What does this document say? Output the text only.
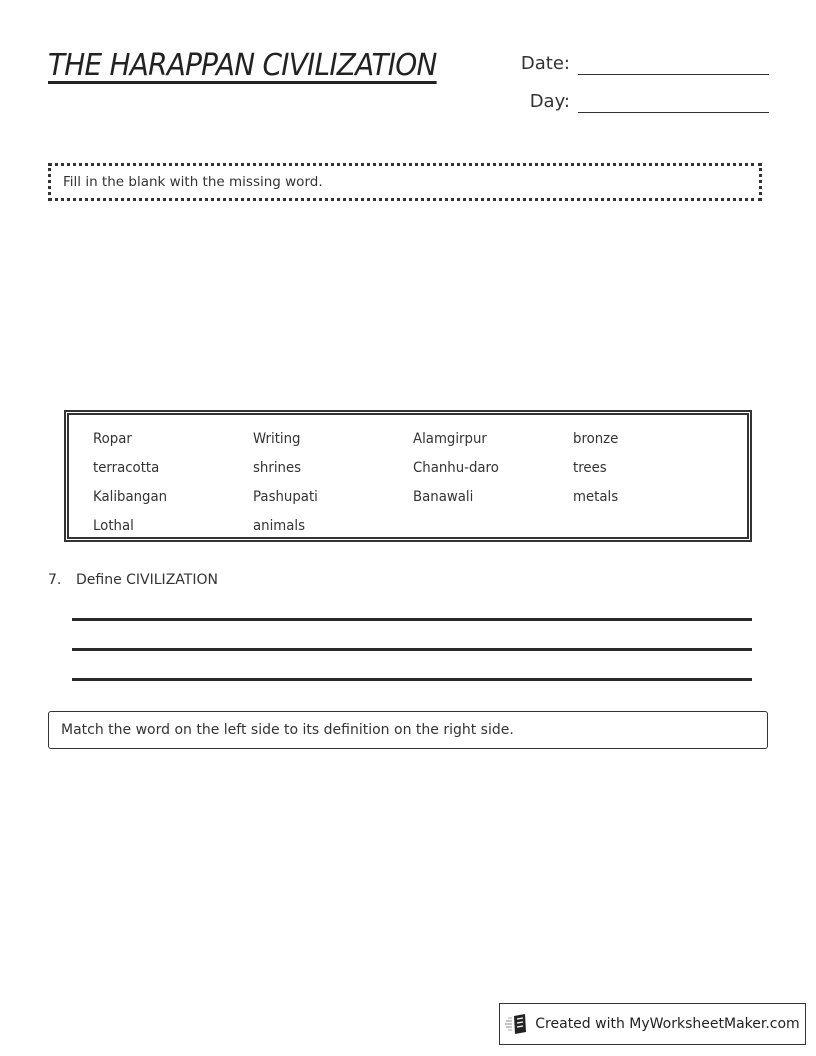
THE HARAPPAN CIVILIZATION	Date:
Day:
Fill in the blank with the missing word.
Ropar	Writing	Alamgirpur	bronze
terracotta	shrines	Chanhu-daro	trees
Kalibangan	Pashupati	Banawali	metals
Lothal	animals
7.	Define CIVILIZATION
Match the word on the left side to its definition on the right side.
Created with MyWorksheetMaker.com
